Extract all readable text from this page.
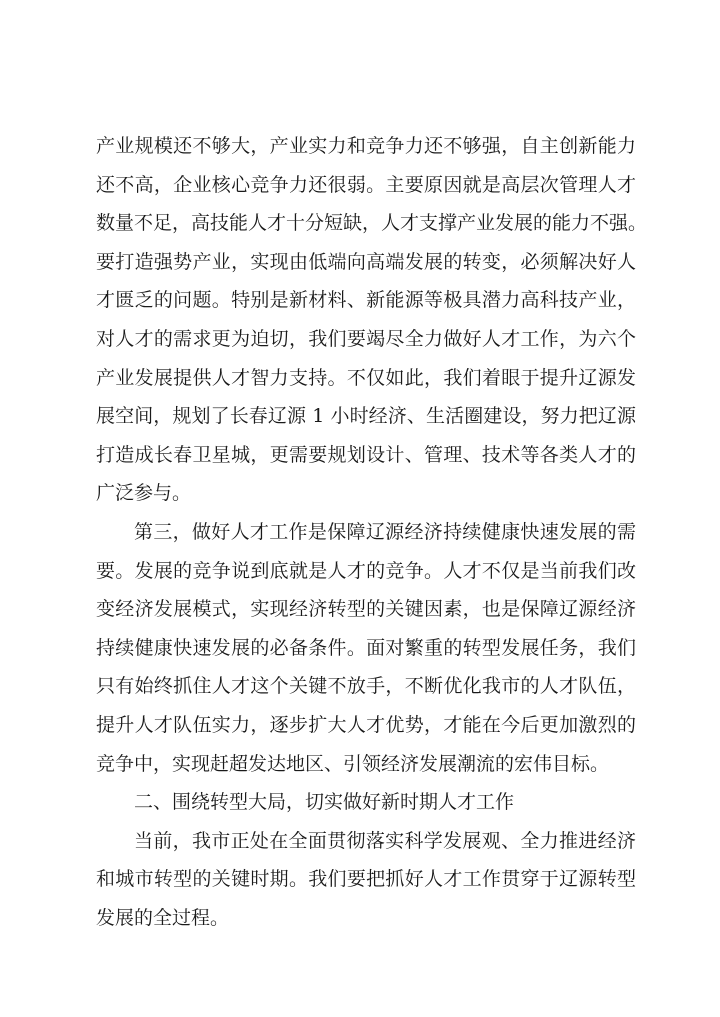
产业规模还不够大，产业实力和竞争力还不够强，自主创新能力
还不高，企业核心竞争力还很弱。主要原因就是高层次管理人才
数量不足，高技能人才十分短缺，人才支撑产业发展的能力不强。
要打造强势产业，实现由低端向高端发展的转变，必须解决好人
才匮乏的问题。特别是新材料、新能源等极具潜力高科技产业，
对人才的需求更为迫切，我们要竭尽全力做好人才工作，为六个
产业发展提供人才智力支持。不仅如此，我们着眼于提升辽源发
展空间，规划了长春辽源 1 小时经济、生活圈建设，努力把辽源
打造成长春卫星城，更需要规划设计、管理、技术等各类人才的
广泛参与。
第三，做好人才工作是保障辽源经济持续健康快速发展的需
要。发展的竞争说到底就是人才的竞争。人才不仅是当前我们改
变经济发展模式，实现经济转型的关键因素，也是保障辽源经济
持续健康快速发展的必备条件。面对繁重的转型发展任务，我们
只有始终抓住人才这个关键不放手，不断优化我市的人才队伍，
提升人才队伍实力，逐步扩大人才优势，才能在今后更加激烈的
竞争中，实现赶超发达地区、引领经济发展潮流的宏伟目标。
二、围绕转型大局，切实做好新时期人才工作
当前，我市正处在全面贯彻落实科学发展观、全力推进经济
和城市转型的关键时期。我们要把抓好人才工作贯穿于辽源转型
发展的全过程。
